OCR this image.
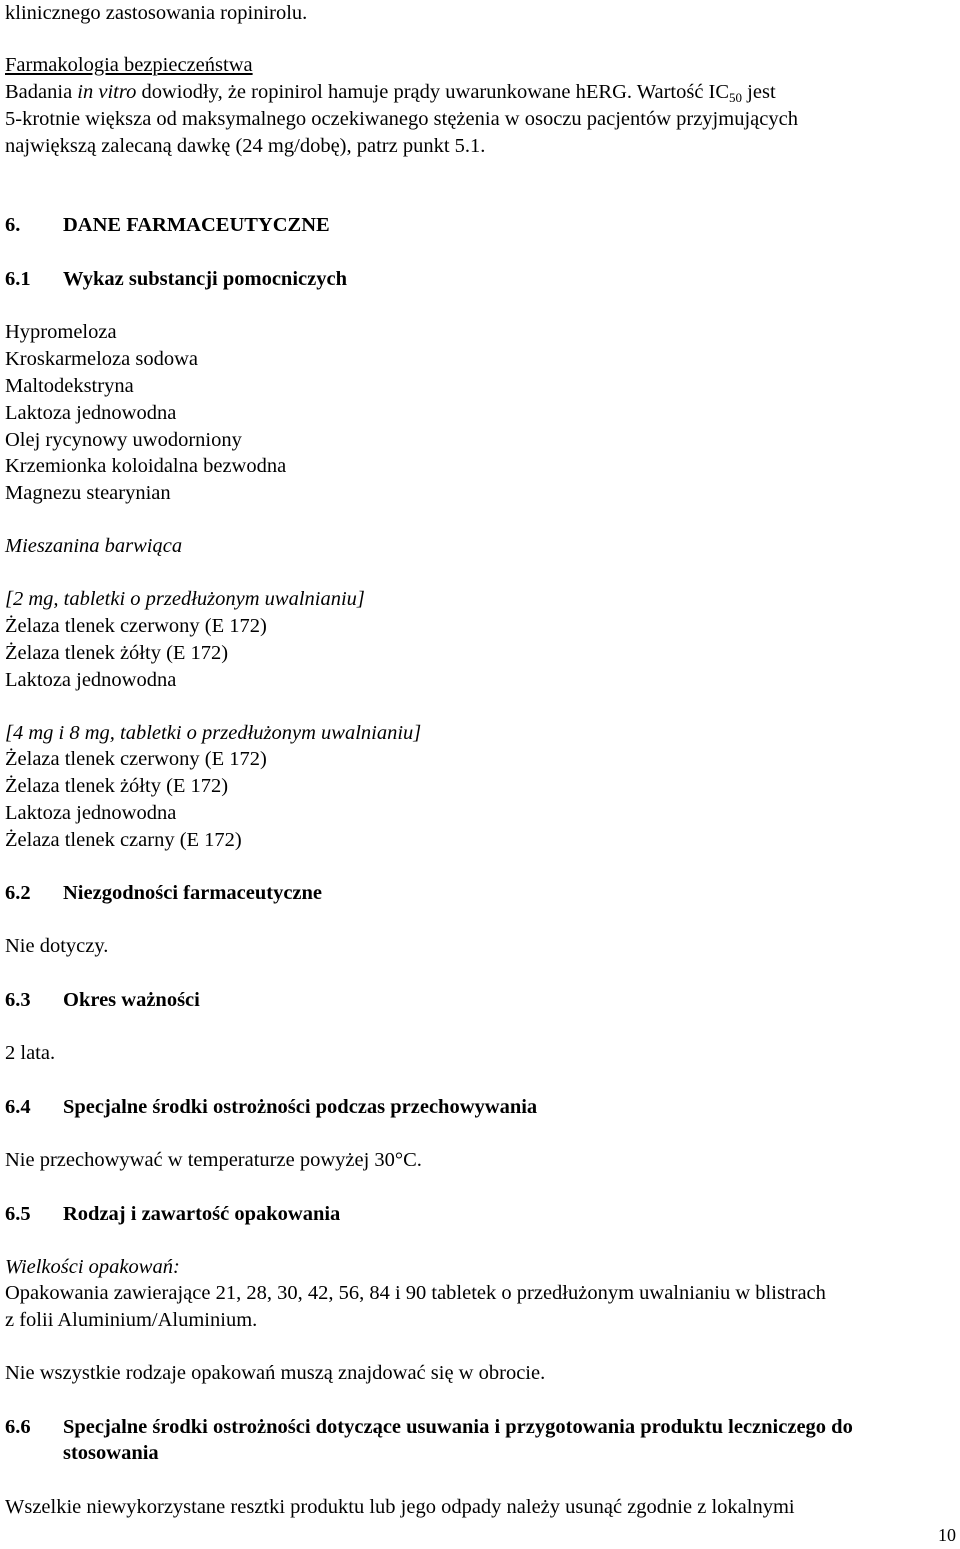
klinicznego zastosowania ropinirolu.
Farmakologia bezpieczeństwa
Badania in vitro dowiodły, że ropinirol hamuje prądy uwarunkowane hERG. Wartość IC50 jest
5-krotnie większa od maksymalnego oczekiwanego stężenia w osoczu pacjentów przyjmujących
największą zalecaną dawkę (24 mg/dobę), patrz punkt 5.1.
6. DANE FARMACEUTYCZNE
6.1 Wykaz substancji pomocniczych
Hypromeloza
Kroskarmeloza sodowa
Maltodekstryna
Laktoza jednowodna
Olej rycynowy uwodorniony
Krzemionka koloidalna bezwodna
Magnezu stearynian
Mieszanina barwiąca
[2 mg, tabletki o przedłużonym uwalnianiu]
Żelaza tlenek czerwony (E 172)
Żelaza tlenek żółty (E 172)
Laktoza jednowodna
[4 mg i 8 mg, tabletki o przedłużonym uwalnianiu]
Żelaza tlenek czerwony (E 172)
Żelaza tlenek żółty (E 172)
Laktoza jednowodna
Żelaza tlenek czarny (E 172)
6.2 Niezgodności farmaceutyczne
Nie dotyczy.
6.3 Okres ważności
2 lata.
6.4 Specjalne środki ostrożności podczas przechowywania
Nie przechowywać w temperaturze powyżej 30°C.
6.5 Rodzaj i zawartość opakowania
Wielkości opakowań:
Opakowania zawierające 21, 28, 30, 42, 56, 84 i 90 tabletek o przedłużonym uwalnianiu w blistrach
z folii Aluminium/Aluminium.
Nie wszystkie rodzaje opakowań muszą znajdować się w obrocie.
6.6 Specjalne środki ostrożności dotyczące usuwania i przygotowania produktu leczniczego do
stosowania
Wszelkie niewykorzystane resztki produktu lub jego odpady należy usunąć zgodnie z lokalnymi
10
